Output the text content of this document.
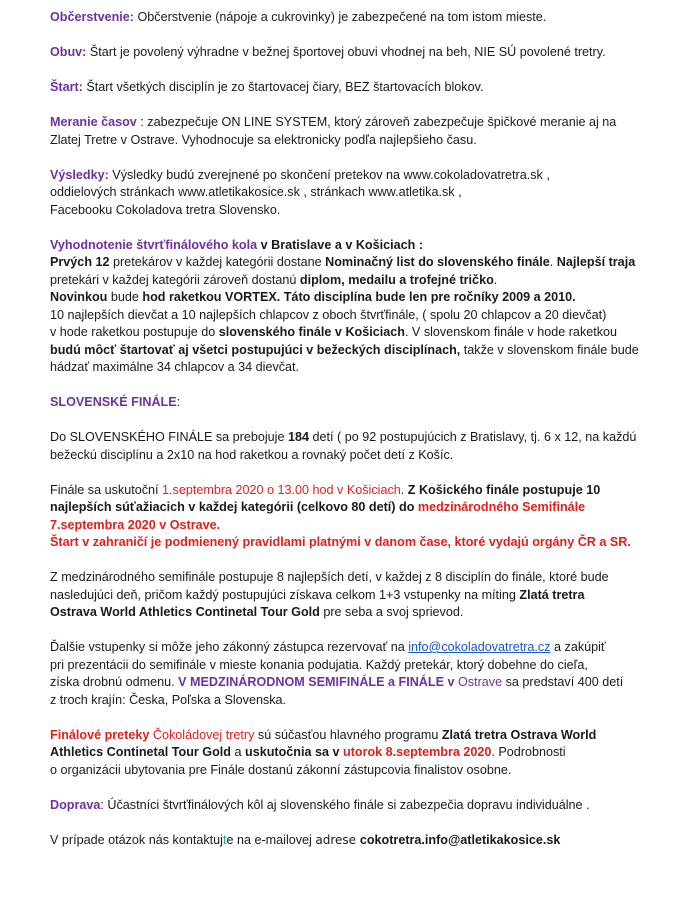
Občerstvenie: Občerstvenie (nápoje a cukrovinky) je zabezpečené na tom istom mieste.

Obuv: Štart je povolený výhradne v bežnej športovej obuvi vhodnej na beh, NIE SÚ povolené tretry.

Štart: Štart všetkých disciplín je zo štartovacej čiary, BEZ štartovacích blokov.

Meranie časov : zabezpečuje ON LINE SYSTEM, ktorý zároveň zabezpečuje špičkové meranie aj na
Zlatej Tretre v Ostrave. Vyhodnocuje sa elektronicky podľa najlepšieho času.

Výsledky: Výsledky budú zverejnené po skončení pretekov na www.cokoladovatretra.sk ,
oddielových stránkach www.atletikakosice.sk , stránkach www.atletika.sk ,
Facebooku Cokoladova tretra Slovensko.

Vyhodnotenie štvrťfinálového kola v Bratislave a v Košiciach :
Prvých 12 pretekárov v každej kategórii dostane Nominačný list do slovenského finále. Najlepší traja
pretekári v každej kategórii zároveň dostanú diplom, medailu a trofejné tričko.
Novinkou bude hod raketkou VORTEX. Táto disciplína bude len pre ročníky 2009 a 2010.
10 najlepších dievčat a 10 najlepších chlapcov z oboch štvrťfinále, ( spolu 20 chlapcov a 20 dievčat)
v hode raketkou postupuje do slovenského finále v Košiciach. V slovenskom finále v hode raketkou
budú môcť štartovať aj všetci postupujúci v bežeckých disciplínach, takže v slovenskom finále bude
hádzať maximálne 34 chlapcov a 34 dievčat.

SLOVENSKÉ FINÁLE:

Do SLOVENSKÉHO FINÁLE sa prebojuje 184 detí ( po 92 postupujúcich z Bratislavy, tj. 6 x 12, na každú
bežeckú disciplínu a 2x10 na hod raketkou a rovnaký počet detí z Košíc.

Finále sa uskutoční 1.septembra 2020 o 13.00 hod v Košiciach. Z Košického finále postupuje 10
najlepších súťažiacich v každej kategórii (celkovo 80 detí) do medzinárodného Semifinále
7.septembra 2020 v Ostrave.
Štart v zahraničí je podmienený pravidlami platnými v danom čase, ktoré vydajú orgány ČR a SR.

Z medzinárodného semifinále postupuje 8 najlepších detí, v každej z 8 disciplín do finále, ktoré bude
nasledujúci deň, pričom každý postupujúci získava celkom 1+3 vstupenky na míting Zlatá tretra
Ostrava World Athletics Continetal Tour Gold pre seba a svoj sprievod.

Ďalšie vstupenky si môže jeho zákonný zástupca rezervovať na info@cokoladovatretra.cz a zakúpiť
pri prezentácii do semifinále v mieste konania podujatia. Každý pretekár, ktorý dobehne do cieľa,
získa drobnú odmenu. V MEDZINÁRODNOM SEMIFINÁLE a FINÁLE v Ostrave sa predstaví 400 detí
z troch krajín: Česka, Poľska a Slovenska.

Finálové preteky Čokoládovej tretry sú súčasťou hlavného programu Zlatá tretra Ostrava World
Athletics Continetal Tour Gold a uskutočnia sa v utorok 8.septembra 2020. Podrobnosti
o organizácii ubytovania pre Finále dostanú zákonní zástupcovia finalistov osobne.

Doprava: Účastníci štvrťfinálových kôl aj slovenského finále si zabezpečia dopravu individuálne .

V prípade otázok nás kontaktujte na e-mailovej adrese cokotretra.info@atletikakosice.sk
